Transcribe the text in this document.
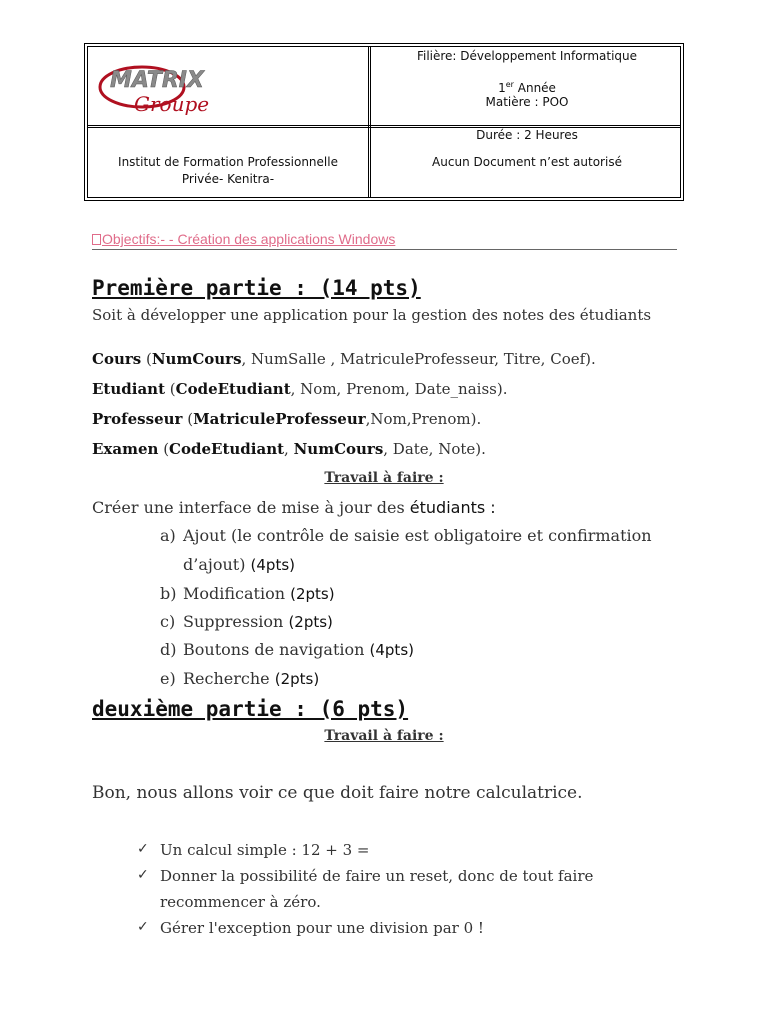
MATRIX
Groupe
Filière: Développement Informatique
1er Année
Matière : POO
Institut de Formation Professionnelle
Privée- Kenitra-
Durée : 2 Heures
Aucun Document n’est autorisé
Objectifs:- - Création des applications Windows
Première partie : (14 pts)
Soit à développer une application pour la gestion des notes des étudiants
Cours (NumCours, NumSalle , MatriculeProfesseur, Titre, Coef).
Etudiant (CodeEtudiant, Nom, Prenom, Date_naiss).
Professeur (MatriculeProfesseur,Nom,Prenom).
Examen (CodeEtudiant, NumCours, Date, Note).
Travail à faire :
Créer une interface de mise à jour des étudiants :
a) Ajout (le contrôle de saisie est obligatoire et confirmation
d’ajout) (4pts)
b) Modification (2pts)
c) Suppression (2pts)
d) Boutons de navigation (4pts)
e) Recherche (2pts)
deuxième partie : (6 pts)
Travail à faire :
Bon, nous allons voir ce que doit faire notre calculatrice.
✓ Un calcul simple : 12 + 3 =
✓ Donner la possibilité de faire un reset, donc de tout faire
recommencer à zéro.
✓ Gérer l'exception pour une division par 0 !
